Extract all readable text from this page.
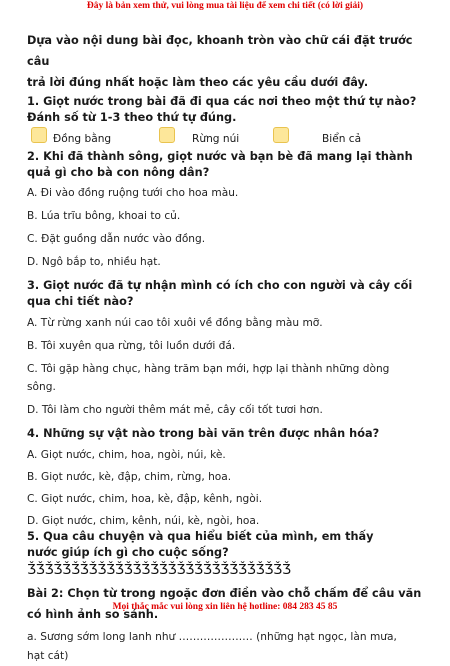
Đây là bản xem thử, vui lòng mua tài liệu để xem chi tiết (có lời giải)

Dựa vào nội dung bài đọc, khoanh tròn vào chữ cái đặt trước câu

trả lời đúng nhất hoặc làm theo các yêu cầu dưới đây.

1. Giọt nước trong bài đã đi qua các nơi theo một thứ tự nào?

Đánh số từ 1-3 theo thứ tự đúng.

Đồng bằng	Rừng núi	Biển cả

2. Khi đã thành sông, giọt nước và bạn bè đã mang lại thành

quả gì cho bà con nông dân?

A. Đi vào đồng ruộng tưới cho hoa màu.

B. Lúa trĩu bông, khoai to củ.

C. Đặt guồng dẫn nước vào đồng.

D. Ngô bắp to, nhiều hạt.

3. Giọt nước đã tự nhận mình có ích cho con người và cây cối

qua chi tiết nào?

A. Từ rừng xanh núi cao tôi xuôi về đồng bằng màu mỡ.

B. Tôi xuyên qua rừng, tôi luồn dưới đá.

C. Tôi gặp hàng chục, hàng trăm bạn mới, hợp lại thành những dòng

sông.

D. Tôi làm cho người thêm mát mẻ, cây cối tốt tươi hơn.

4. Những sự vật nào trong bài văn trên được nhân hóa?

A. Giọt nước, chim, hoa, ngòi, núi, kè.

B. Giọt nước, kè, đập, chim, rừng, hoa.

C. Giọt nước, chim, hoa, kè, đập, kênh, ngòi.

D. Giọt nước, chim, kênh, núi, kè, ngòi, hoa.

5. Qua câu chuyện và qua hiểu biết của mình, em thấy

nước giúp ích gì cho cuộc sống?

ǮǮǮǮǮǮǮǮǮǮǮǮǮǮǮǮǮǮǮǮǮǮǮǮǮǮǮǮǮǮ

Bài 2: Chọn từ trong ngoặc đơn điền vào chỗ chấm để câu văn

có hình ảnh so sánh.

a. Sương sớm long lanh như ………………… (những hạt ngọc, làn mưa,

hạt cát)

Mọi thắc mắc vui lòng xin liên hệ hotline: 084 283 45 85
